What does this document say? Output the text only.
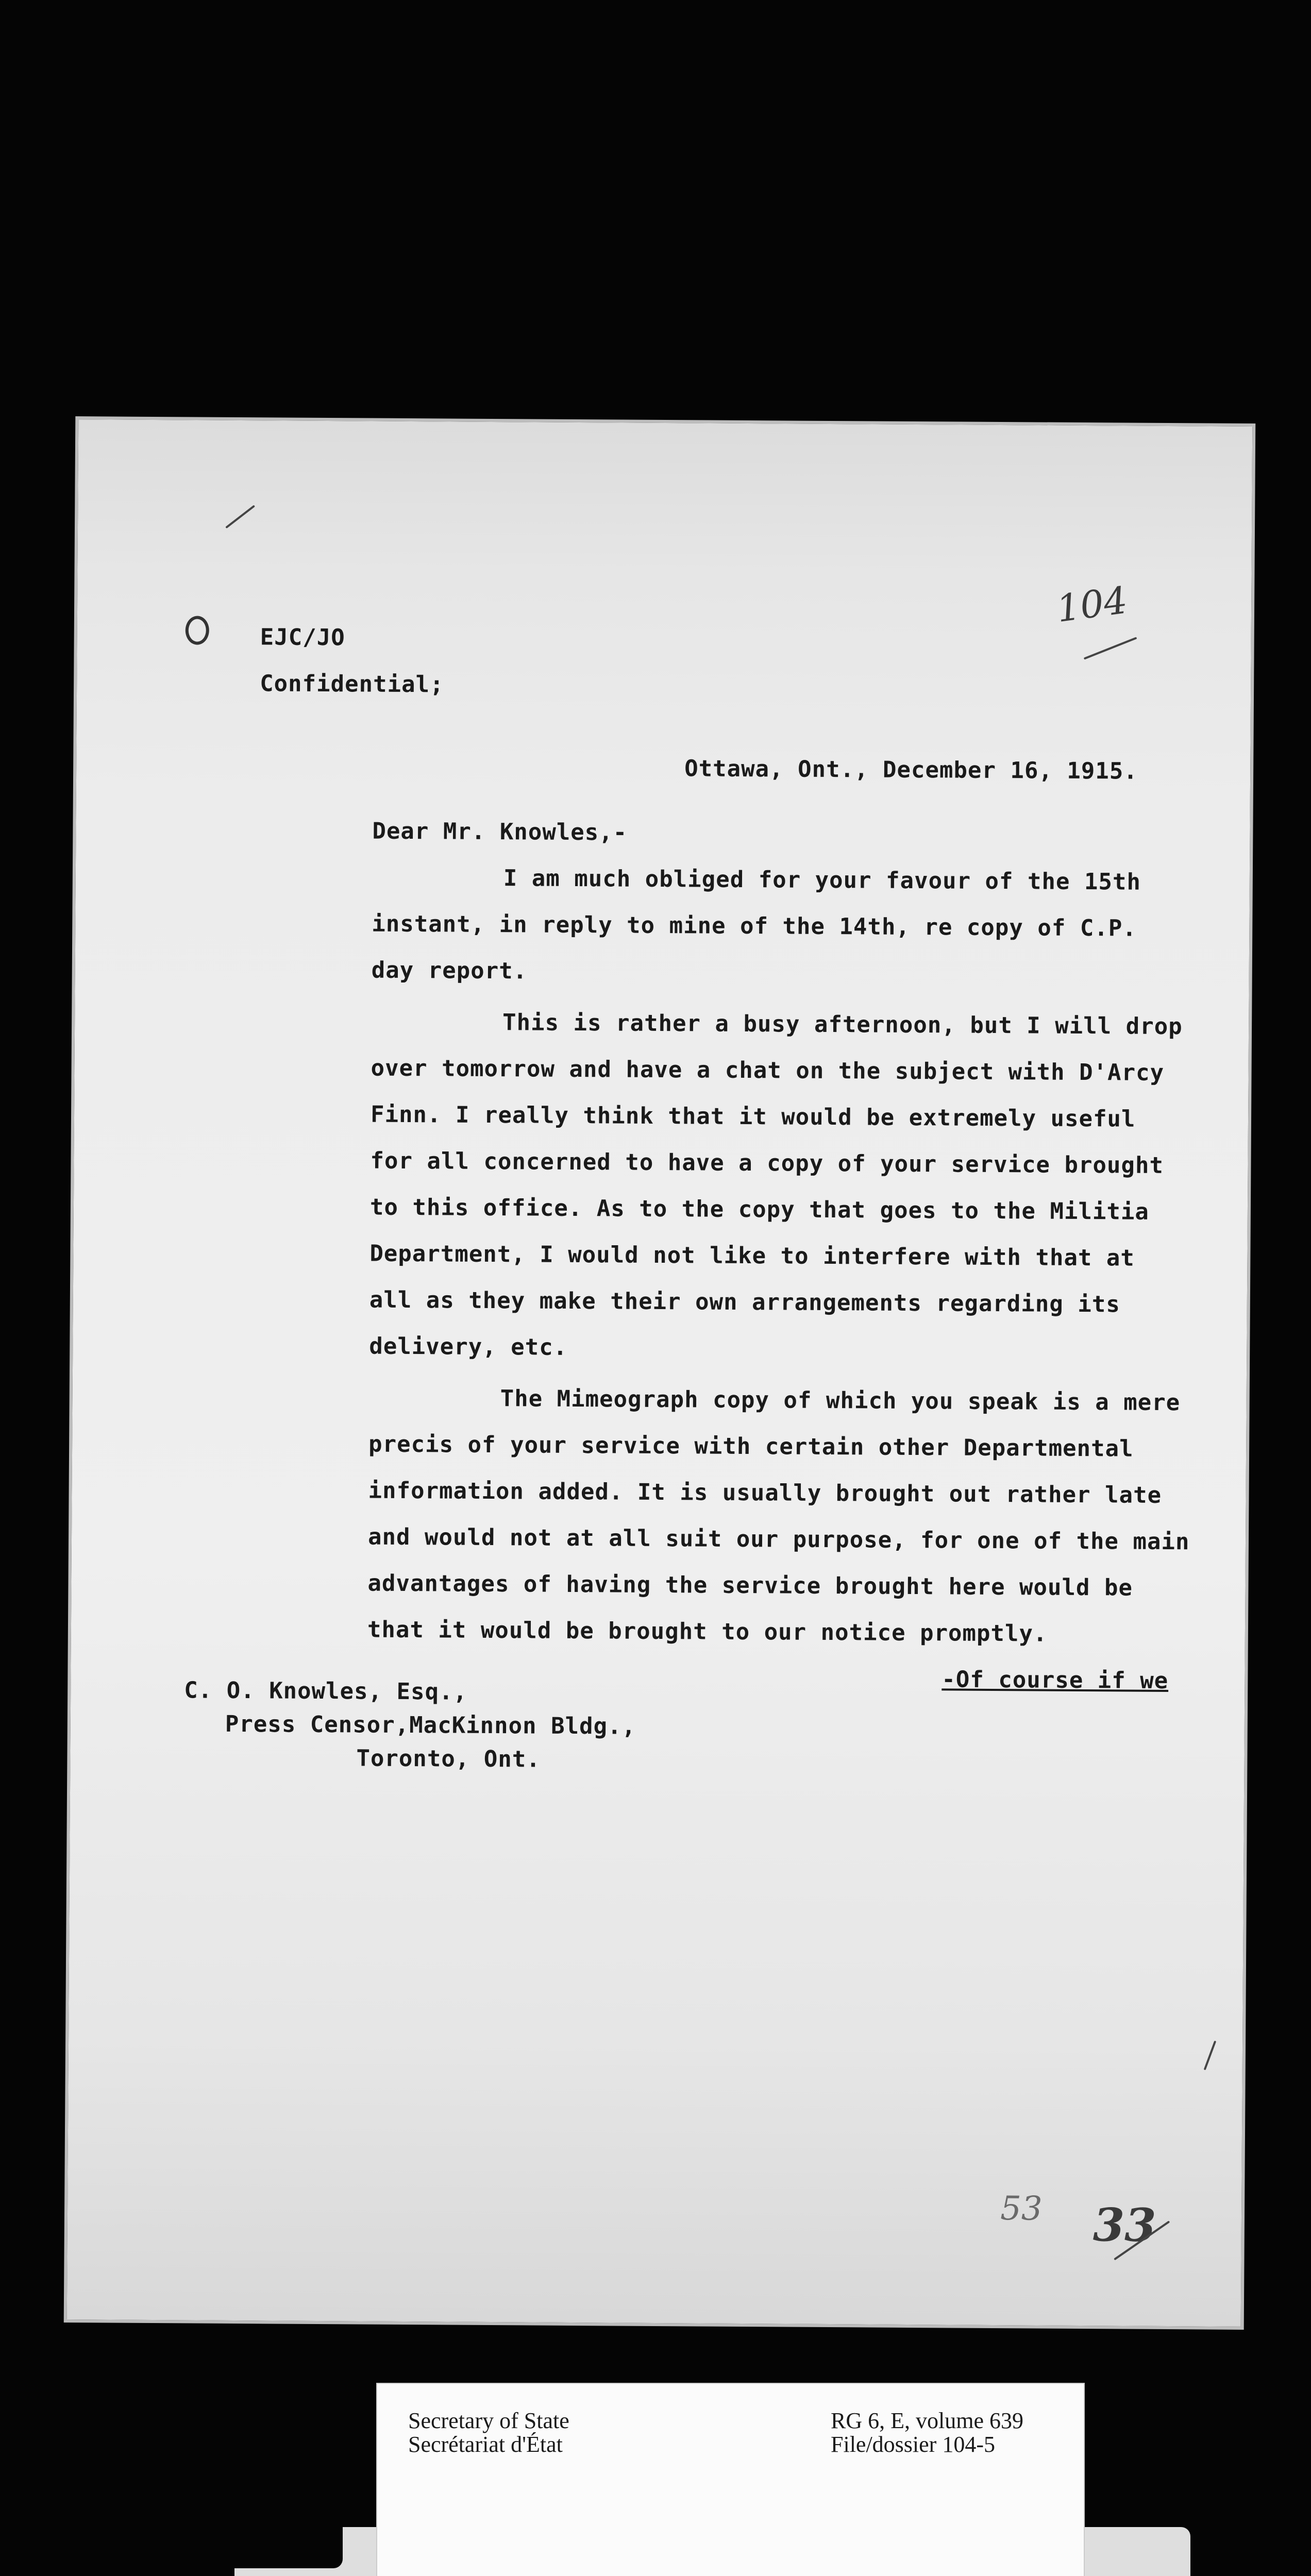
EJC/JO
Confidential;
104
Ottawa, Ont., December 16, 1915.
Dear Mr. Knowles,-
I am much obliged for your favour of the 15th
instant, in reply to mine of the 14th, re copy of C.P.
day report.
This is rather a busy afternoon, but I will drop
over tomorrow and have a chat on the subject with D'Arcy
Finn. I really think that it would be extremely useful
for all concerned to have a copy of your service brought
to this office. As to the copy that goes to the Militia
Department, I would not like to interfere with that at
all as they make their own arrangements regarding its
delivery, etc.
The Mimeograph copy of which you speak is a mere
precis of your service with certain other Departmental
information added. It is usually brought out rather late
and would not at all suit our purpose, for one of the main
advantages of having the service brought here would be
that it would be brought to our notice promptly.
-Of course if we
C. O. Knowles, Esq.,
Press Censor,MacKinnon Bldg.,
Toronto, Ont.
53 33
Secretary of State
Secrétariat d'État
RG 6, E, volume 639
File/dossier 104-5
